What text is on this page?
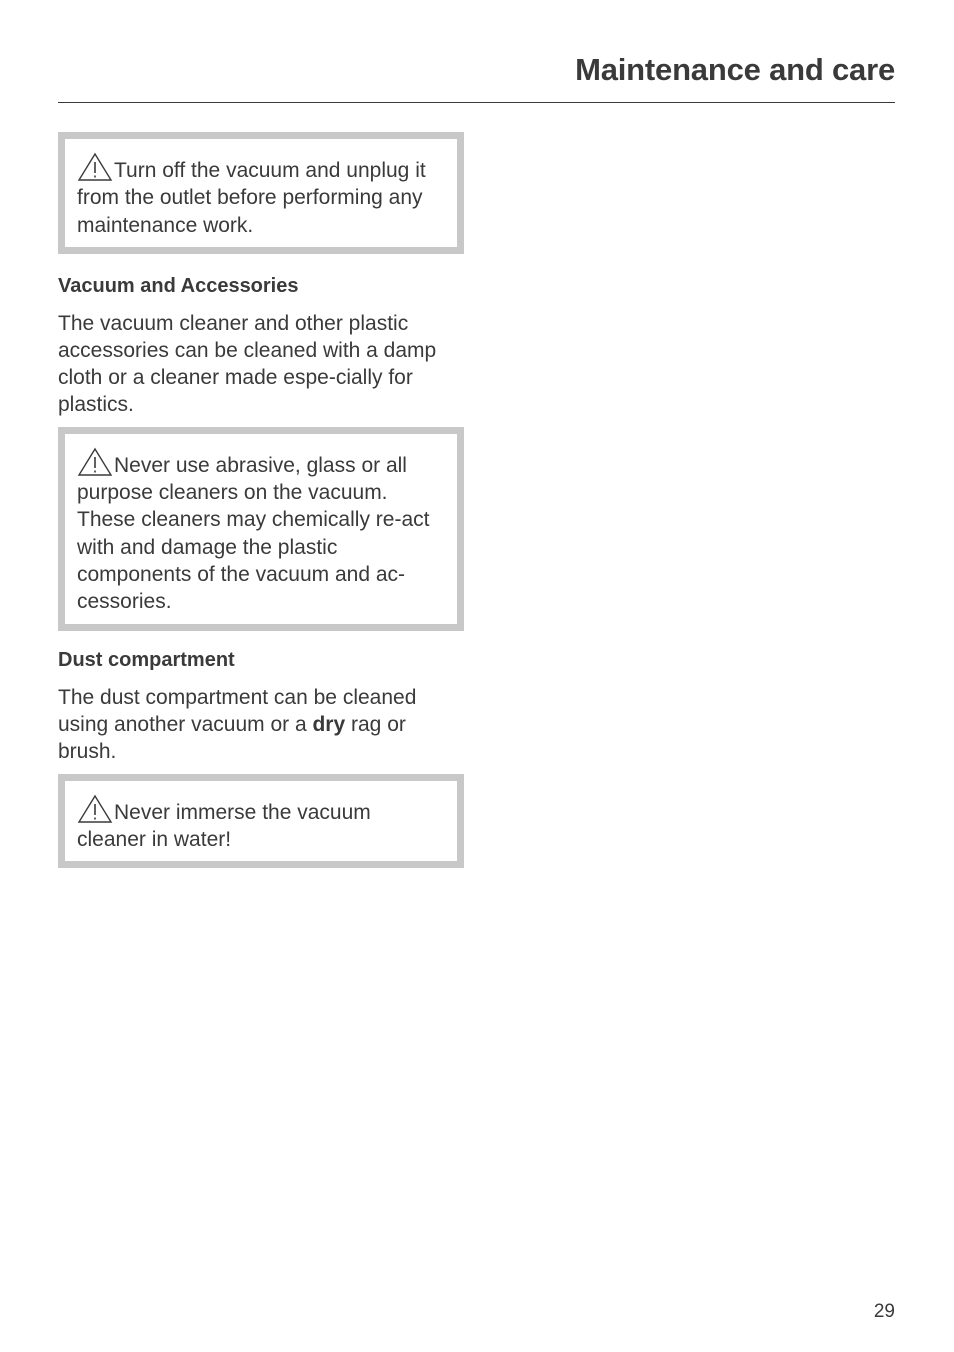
Maintenance and care
Turn off the vacuum and unplug it from the outlet before performing any maintenance work.
Vacuum and Accessories

The vacuum cleaner and other plastic accessories can be cleaned with a damp cloth or a cleaner made espe-cially for plastics.

Never use abrasive, glass or all purpose cleaners on the vacuum. These cleaners may chemically re-act with and damage the plastic components of the vacuum and ac-cessories.
Dust compartment

The dust compartment can be cleaned using another vacuum or a dry rag or brush.

Never immerse the vacuum cleaner in water!
29
